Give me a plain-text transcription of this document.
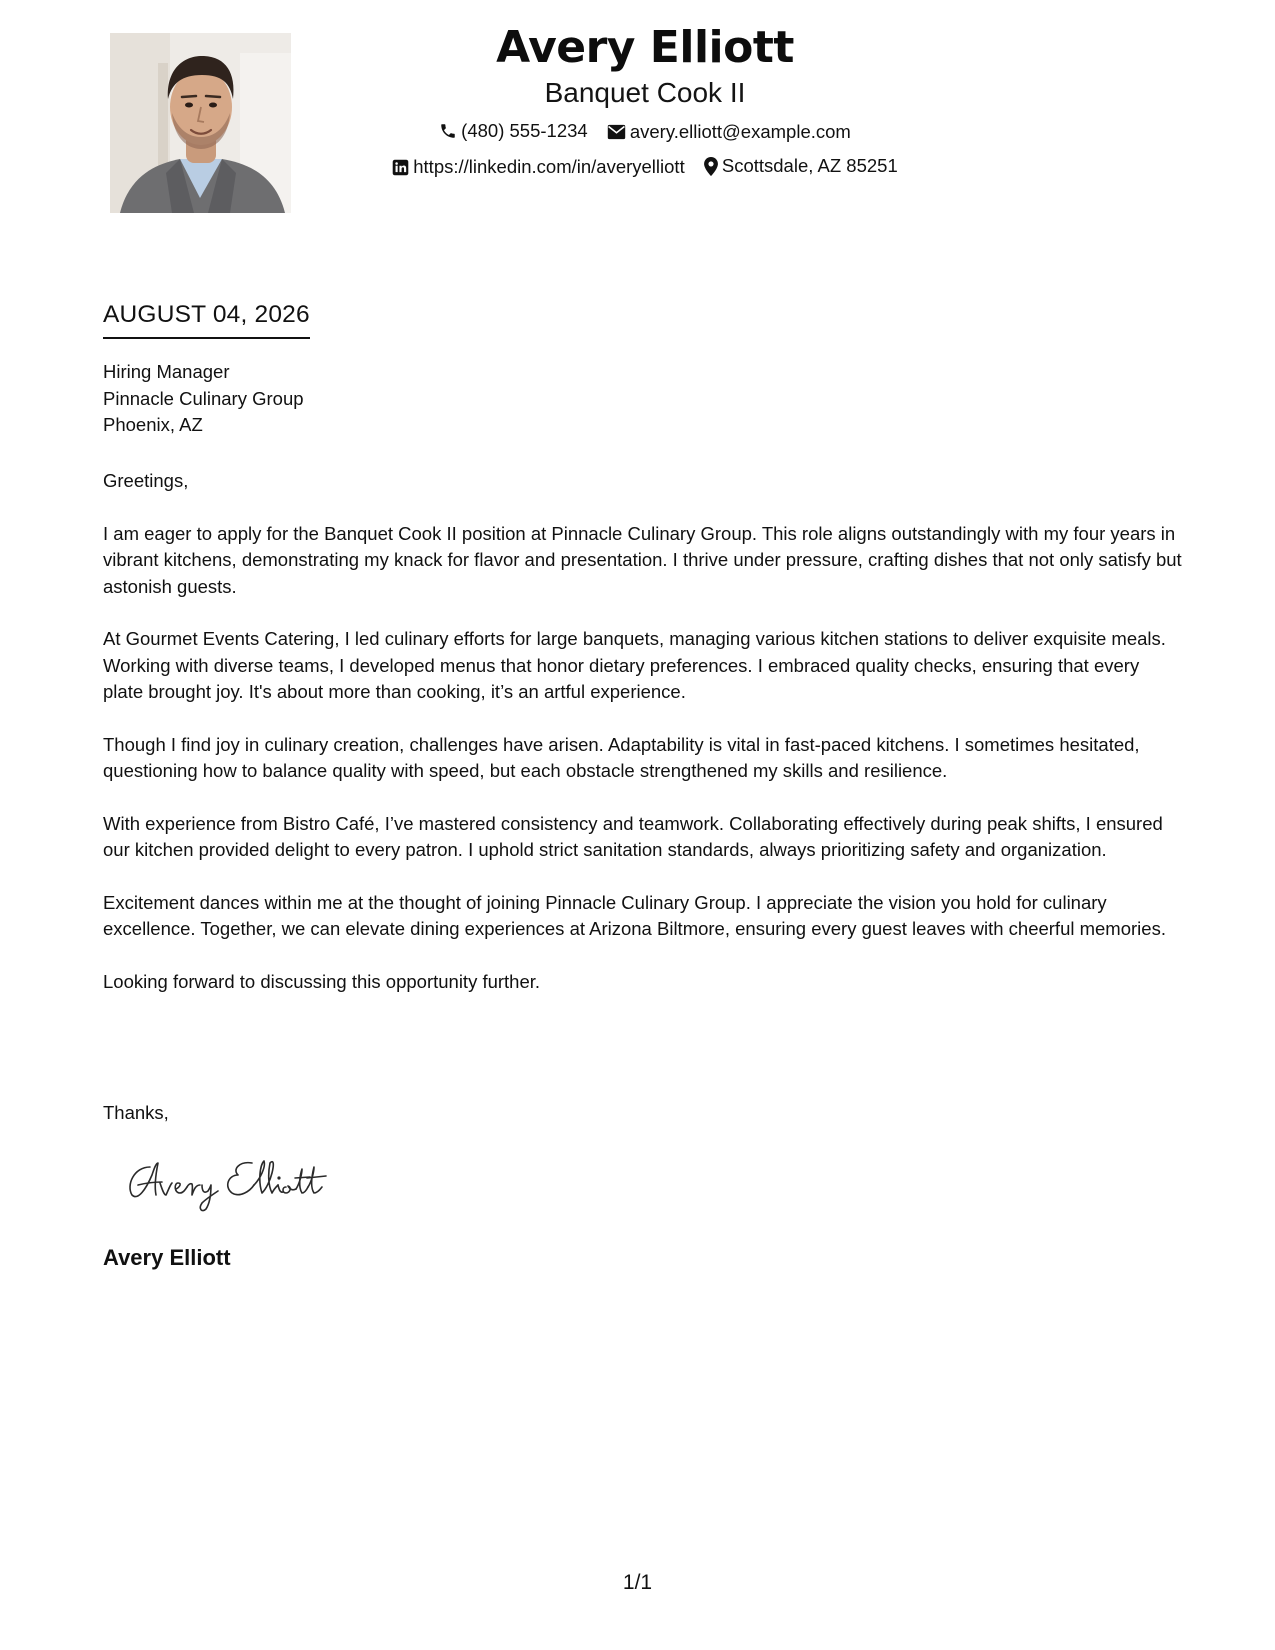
Avery Elliott
Banquet Cook II
(480) 555-1234
avery.elliott@example.com
https://linkedin.com/in/averyelliott
Scottsdale, AZ 85251
AUGUST 04, 2026
Hiring Manager
Pinnacle Culinary Group
Phoenix, AZ

Greetings,

I am eager to apply for the Banquet Cook II position at Pinnacle Culinary Group. This role aligns outstandingly with my four years in vibrant kitchens, demonstrating my knack for flavor and presentation. I thrive under pressure, crafting dishes that not only satisfy but astonish guests.

At Gourmet Events Catering, I led culinary efforts for large banquets, managing various kitchen stations to deliver exquisite meals. Working with diverse teams, I developed menus that honor dietary preferences. I embraced quality checks, ensuring that every plate brought joy. It's about more than cooking, it’s an artful experience.

Though I find joy in culinary creation, challenges have arisen. Adaptability is vital in fast-paced kitchens. I sometimes hesitated, questioning how to balance quality with speed, but each obstacle strengthened my skills and resilience.

With experience from Bistro Café, I’ve mastered consistency and teamwork. Collaborating effectively during peak shifts, I ensured our kitchen provided delight to every patron. I uphold strict sanitation standards, always prioritizing safety and organization.

Excitement dances within me at the thought of joining Pinnacle Culinary Group. I appreciate the vision you hold for culinary excellence. Together, we can elevate dining experiences at Arizona Biltmore, ensuring every guest leaves with cheerful memories.

Looking forward to discussing this opportunity further.

Thanks,
Avery Elliott
1/1
